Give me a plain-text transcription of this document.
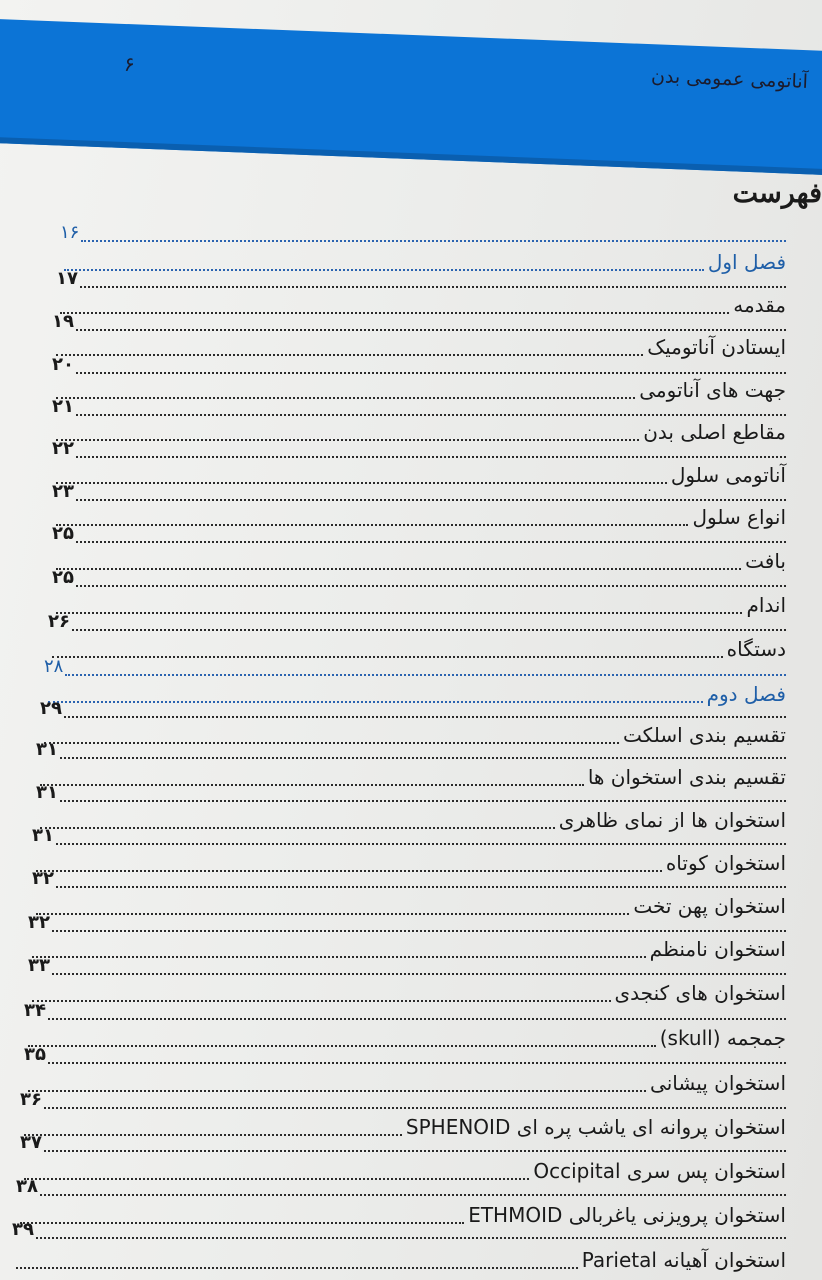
آناتومی عمومی بدن
۶
فهرست
۱۶
فصل اول
۱۷
مقدمه
۱۹
ایستادن آناتومیک
۲۰
جهت های آناتومی
۲۱
مقاطع اصلی بدن
۲۲
آناتومی سلول
۲۳
انواع سلول
۲۵
بافت
۲۵
اندام
۲۶
دستگاه
۲۸
فصل دوم
۲۹
تقسیم بندی اسلکت
۳۱
تقسیم بندی استخوان ها
۳۱
استخوان ها از نمای ظاهری
۳۱
استخوان کوتاه
۳۲
استخوان پهن تخت
۳۲
استخوان نامنظم
۳۳
استخوان های کنجدی
۳۴
جمجمه (skull)
۳۵
استخوان پیشانی
۳۶
استخوان پروانه ای یاشب پره ای SPHENOID
۳۷
استخوان پس سری Occipital
۳۸
استخوان پرویزنی یاغربالی ETHMOID
۳۹
استخوان آهیانه Parietal
